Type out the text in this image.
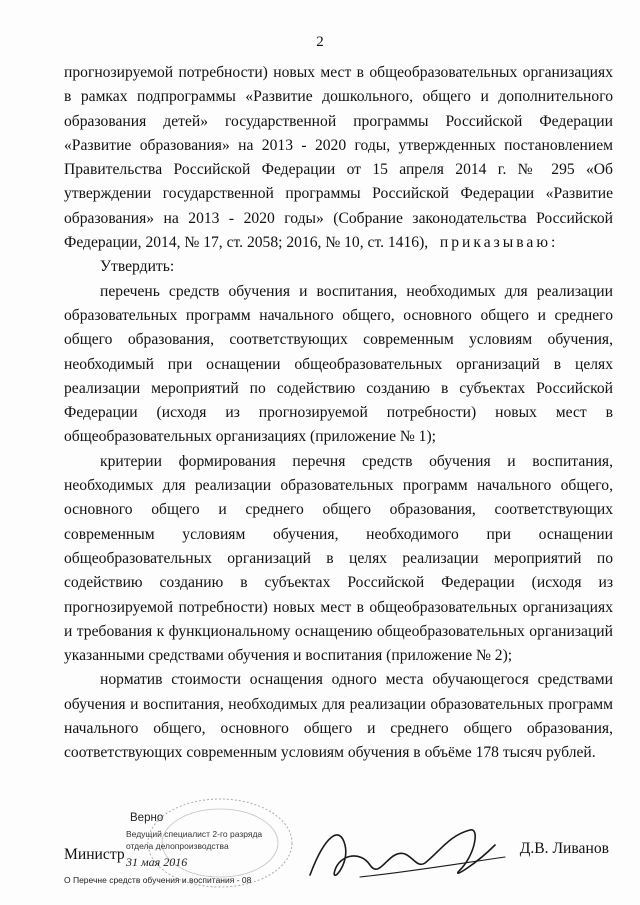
2

прогнозируемой потребности) новых мест в общеобразовательных организациях в рамках подпрограммы «Развитие дошкольного, общего и дополнительного образования детей» государственной программы Российской Федерации «Развитие образования» на 2013 - 2020 годы, утвержденных постановлением Правительства Российской Федерации от 15 апреля 2014 г. № 295 «Об утверждении государственной программы Российской Федерации «Развитие образования» на 2013 - 2020 годы» (Собрание законодательства Российской Федерации, 2014, № 17, ст. 2058; 2016, № 10, ст. 1416), приказываю:

Утвердить:

перечень средств обучения и воспитания, необходимых для реализации образовательных программ начального общего, основного общего и среднего общего образования, соответствующих современным условиям обучения, необходимый при оснащении общеобразовательных организаций в целях реализации мероприятий по содействию созданию в субъектах Российской Федерации (исходя из прогнозируемой потребности) новых мест в общеобразовательных организациях (приложение № 1);

критерии формирования перечня средств обучения и воспитания, необходимых для реализации образовательных программ начального общего, основного общего и среднего общего образования, соответствующих современным условиям обучения, необходимого при оснащении общеобразовательных организаций в целях реализации мероприятий по содействию созданию в субъектах Российской Федерации (исходя из прогнозируемой потребности) новых мест в общеобразовательных организациях и требования к функциональному оснащению общеобразовательных организаций указанными средствами обучения и воспитания (приложение № 2);

норматив стоимости оснащения одного места обучающегося средствами обучения и воспитания, необходимых для реализации образовательных программ начального общего, основного общего и среднего общего образования, соответствующих современным условиям обучения в объёме 178 тысяч рублей.

Верно
Ведущий специалист 2-го разряда
отдела делопроизводства
31 мая 2016
Министр	Д.В. Ливанов
О Перечне средств обучения и воспитания - 08
